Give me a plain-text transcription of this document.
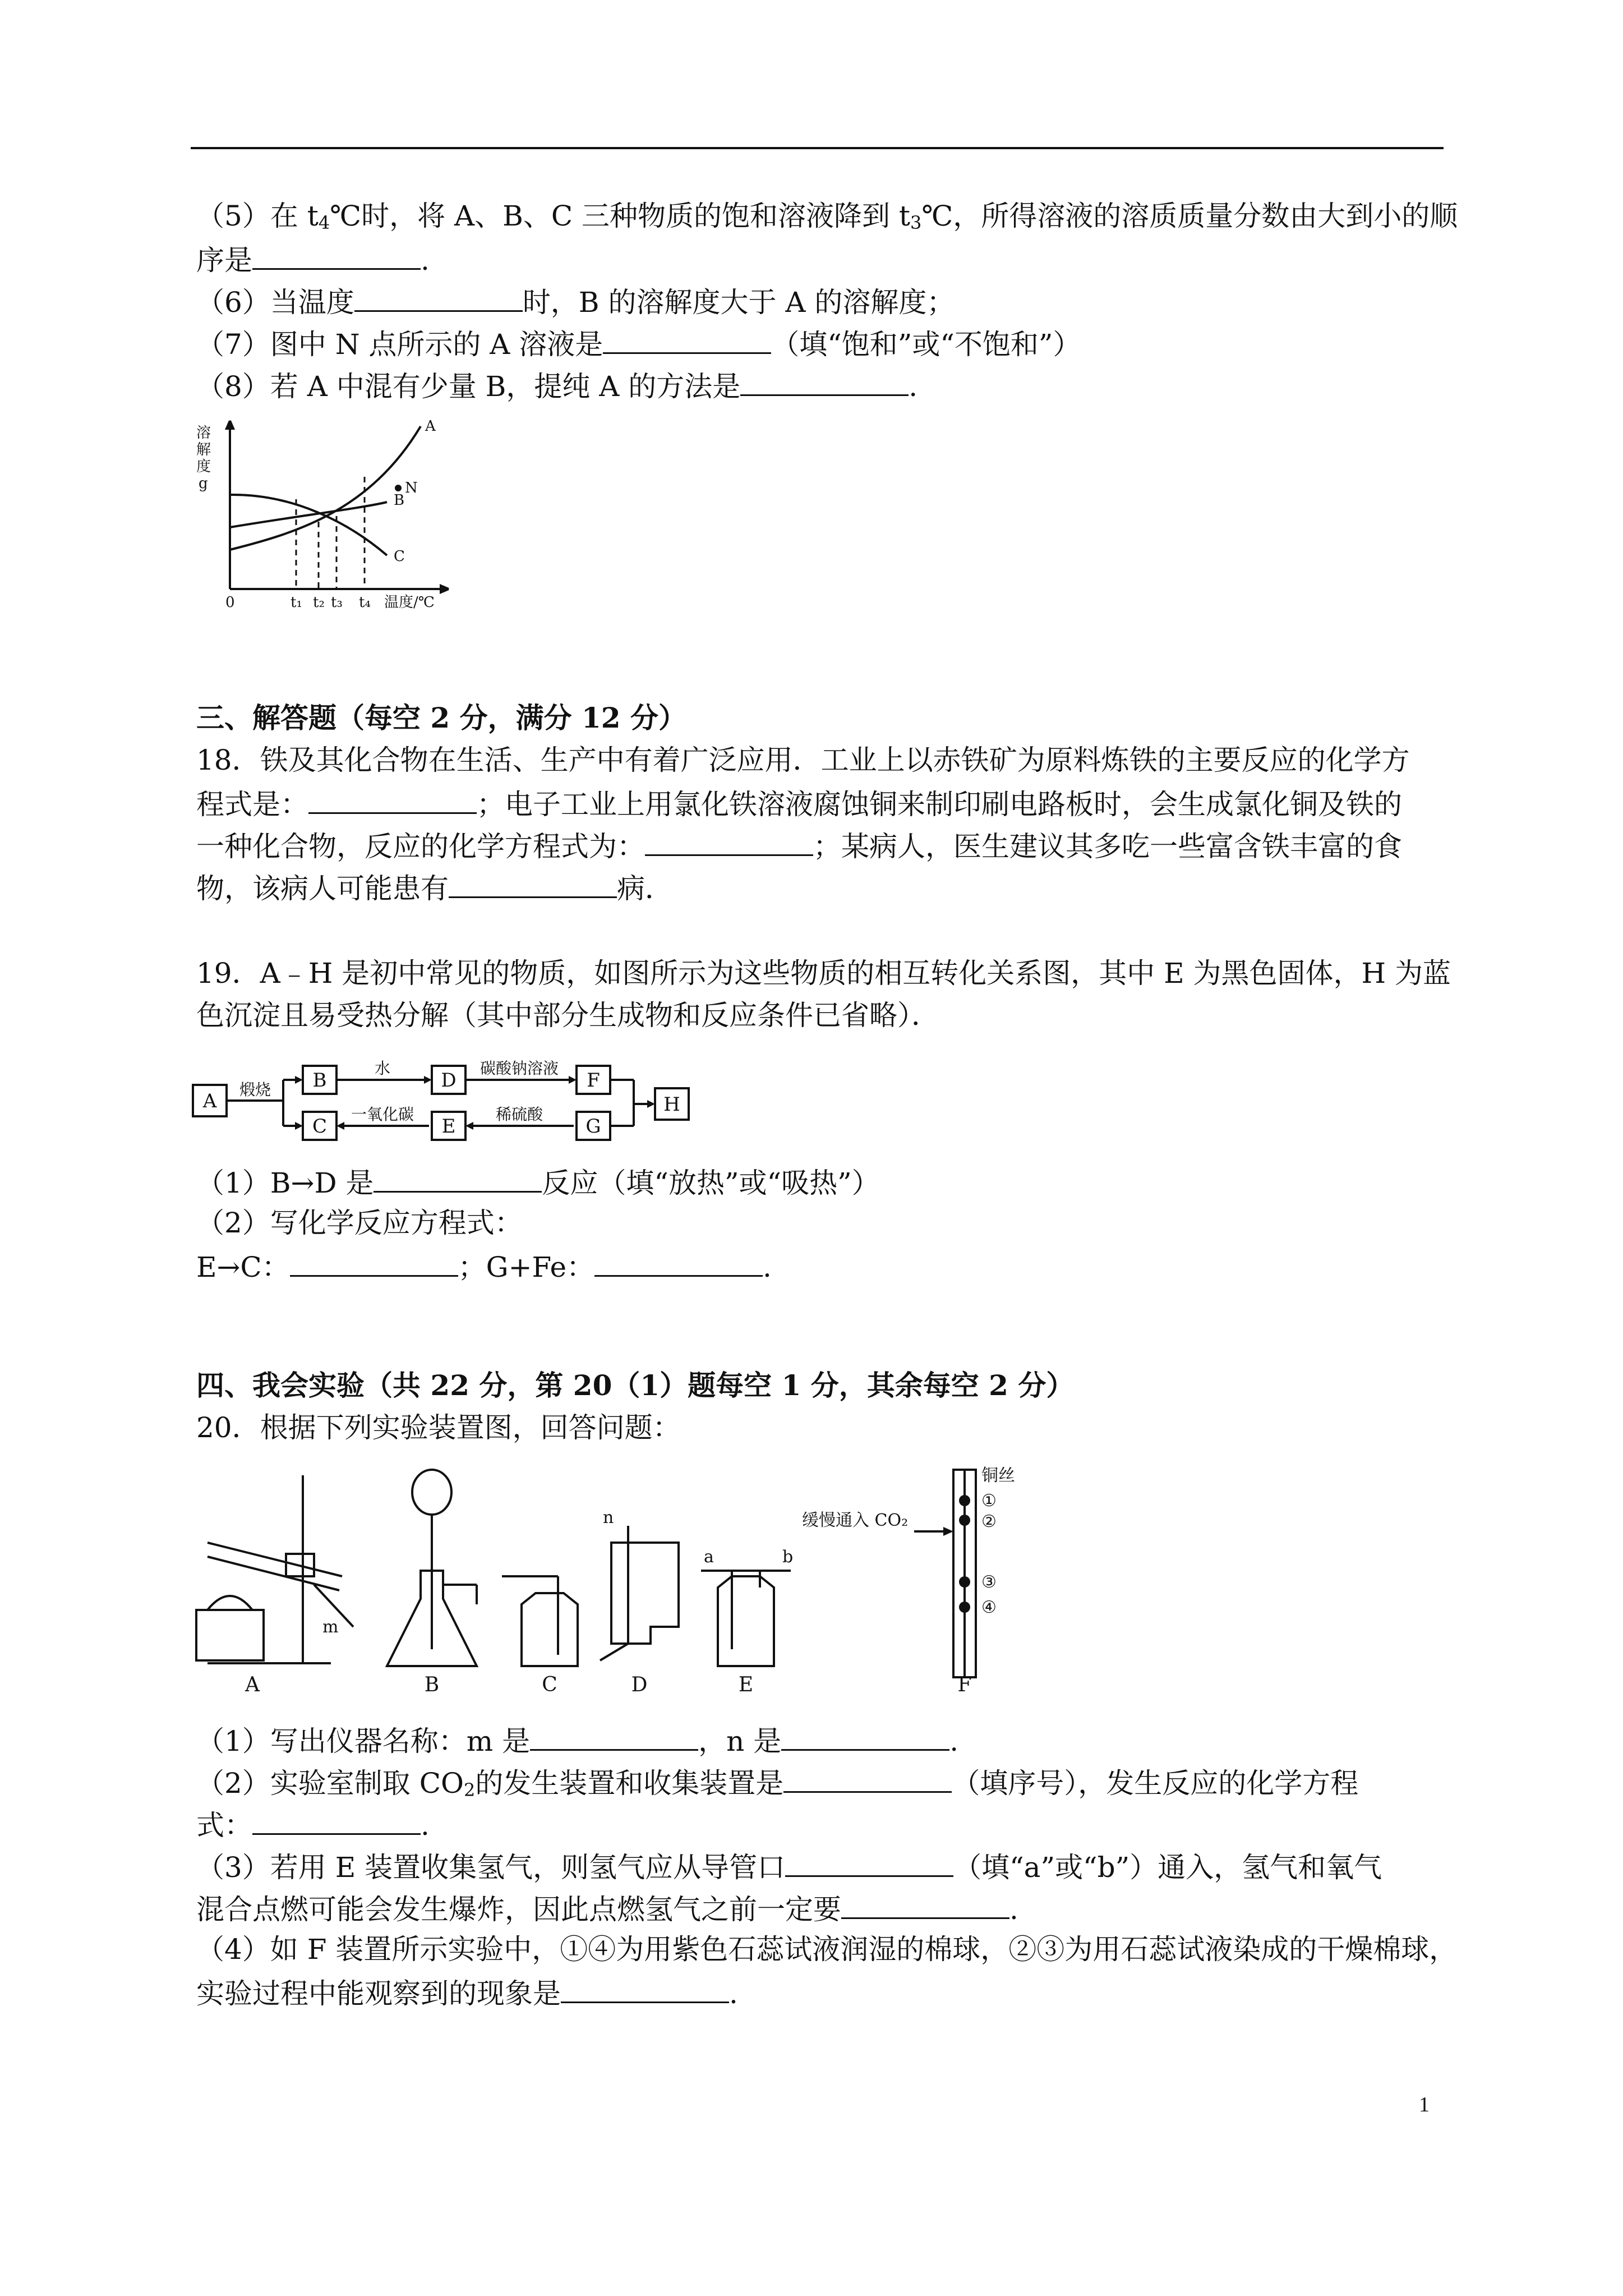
（5）在 $t_4℃$时，将 A、B、C 三种物质的饱和溶液降到 $t_3℃$，所得溶液的溶质质量分数由大到小的顺
序是	.
（6）当温度	时，B 的溶解度大于 A 的溶解度；
（7）图中 N 点所示的 A 溶液是	（填“饱和”或“不饱和”）
（8）若 A 中混有少量 B，提纯 A 的方法是	.
溶
解
度
g
A
B
C
N
0	t₁ t₂ t₃ t₄ 温度/℃
三、解答题（每空 2 分，满分 12 分）
18．铁及其化合物在生活、生产中有着广泛应用．工业上以赤铁矿为原料炼铁的主要反应的化学方
程式是：	；电子工业上用氯化铁溶液腐蚀铜来制印刷电路板时，会生成氯化铜及铁的
一种化合物，反应的化学方程式为：	；某病人，医生建议其多吃一些富含铁丰富的食
物，该病人可能患有	病．
19．A﹣H 是初中常见的物质，如图所示为这些物质的相互转化关系图，其中 E 为黑色固体，H 为蓝
色沉淀且易受热分解（其中部分生成物和反应条件已省略）．
A
B
C
D
E
F
G
H
煅烧
水	碳酸钠溶液
一氧化碳	稀硫酸
（1）B→D 是	反应（填“放热”或“吸热”）
（2）写化学反应方程式：
E→C：	；G+Fe：	.
四、我会实验（共 22 分，第 20（1）题每空 1 分，其余每空 2 分）
20．根据下列实验装置图，回答问题：
A	B	C	D	E	F
m
n
a	b
铜丝
缓慢通入 CO₂
①
②
③
④
（1）写出仪器名称：m 是	，n 是	.
（2）实验室制取 $CO_2$的发生装置和收集装置是	（填序号），发生反应的化学方程
式：	.
（3）若用 E 装置收集氢气，则氢气应从导管口	（填“a”或“b”）通入，氢气和氧气
混合点燃可能会发生爆炸，因此点燃氢气之前一定要	.
（4）如 F 装置所示实验中，①④为用紫色石蕊试液润湿的棉球，②③为用石蕊试液染成的干燥棉球，
实验过程中能观察到的现象是	.
1
